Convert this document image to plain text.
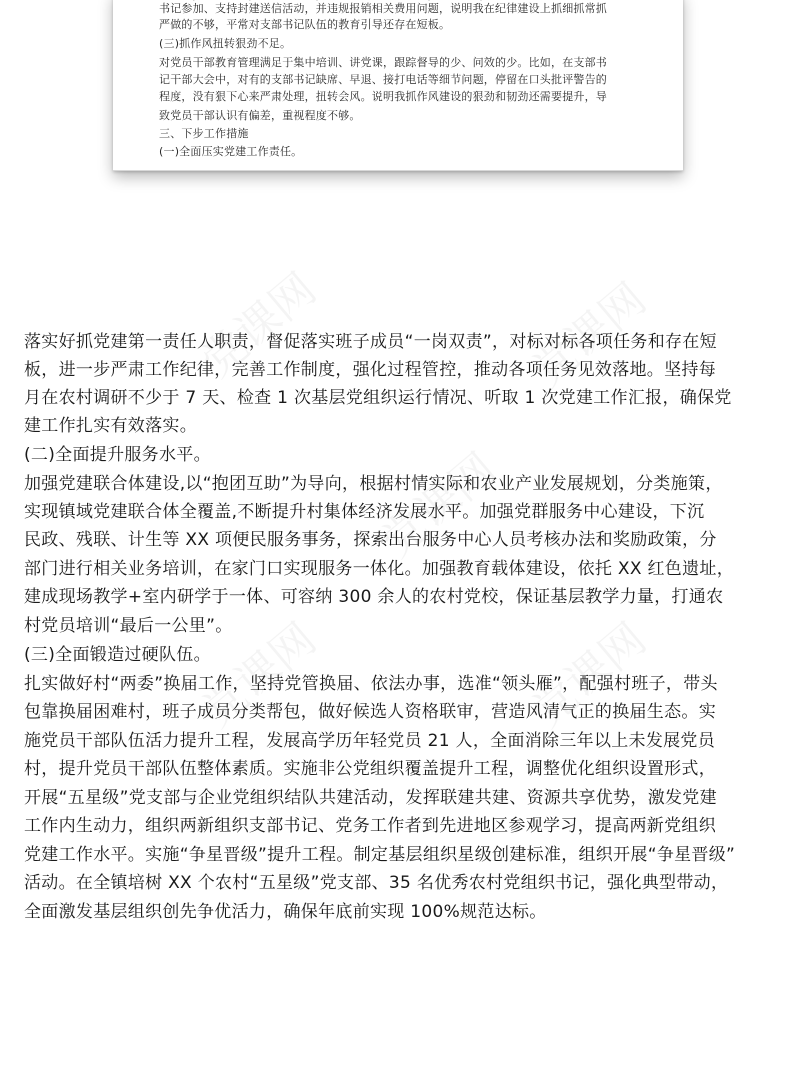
书记参加、支持封建送信活动，并违规报销相关费用问题，说明我在纪律建设上抓细抓常抓
严做的不够，平常对支部书记队伍的教育引导还存在短板。
(三)抓作风扭转狠劲不足。
对党员干部教育管理满足于集中培训、讲党课，跟踪督导的少、问效的少。比如，在支部书
记干部大会中，对有的支部书记缺席、早退、接打电话等细节问题，停留在口头批评警告的
程度，没有狠下心来严肃处理，扭转会风。说明我抓作风建设的狠劲和韧劲还需要提升，导
致党员干部认识有偏差，重视程度不够。
三、下步工作措施
(一)全面压实党建工作责任。
落实好抓党建第一责任人职责，督促落实班子成员“一岗双责”，对标对标各项任务和存在短
板，进一步严肃工作纪律，完善工作制度，强化过程管控，推动各项任务见效落地。坚持每
月在农村调研不少于 7 天、检查 1 次基层党组织运行情况、听取 1 次党建工作汇报，确保党
建工作扎实有效落实。
(二)全面提升服务水平。
加强党建联合体建设,以“抱团互助”为导向，根据村情实际和农业产业发展规划，分类施策，
实现镇域党建联合体全覆盖,不断提升村集体经济发展水平。加强党群服务中心建设，下沉
民政、残联、计生等 XX 项便民服务事务，探索出台服务中心人员考核办法和奖励政策，分
部门进行相关业务培训，在家门口实现服务一体化。加强教育载体建设，依托 XX 红色遗址，
建成现场教学+室内研学于一体、可容纳 300 余人的农村党校，保证基层教学力量，打通农
村党员培训“最后一公里”。
(三)全面锻造过硬队伍。
扎实做好村“两委”换届工作，坚持党管换届、依法办事，选准“领头雁”，配强村班子，带头
包靠换届困难村，班子成员分类帮包，做好候选人资格联审，营造风清气正的换届生态。实
施党员干部队伍活力提升工程，发展高学历年轻党员 21 人，全面消除三年以上未发展党员
村，提升党员干部队伍整体素质。实施非公党组织覆盖提升工程，调整优化组织设置形式，
开展“五星级”党支部与企业党组织结队共建活动，发挥联建共建、资源共享优势，激发党建
工作内生动力，组织两新组织支部书记、党务工作者到先进地区参观学习，提高两新党组织
党建工作水平。实施“争星晋级”提升工程。制定基层组织星级创建标准，组织开展“争星晋级”
活动。在全镇培树 XX 个农村“五星级”党支部、35 名优秀农村党组织书记，强化典型带动，
全面激发基层组织创先争优活力，确保年底前实现 100%规范达标。
